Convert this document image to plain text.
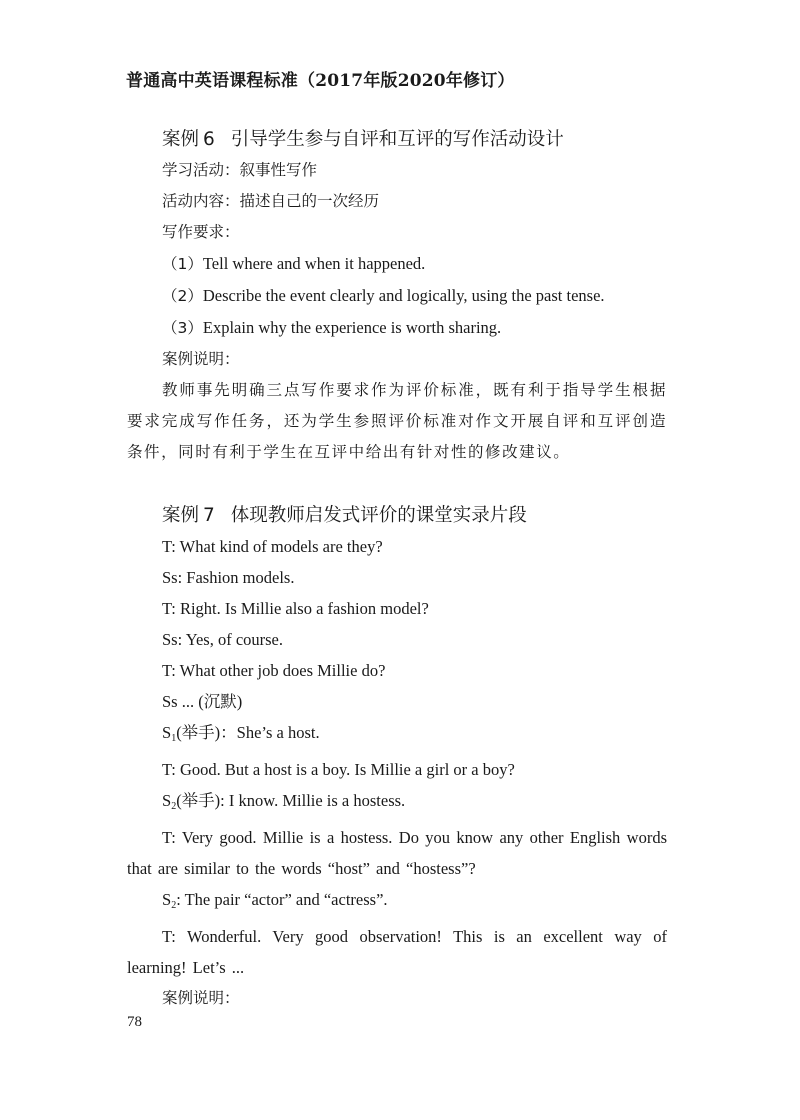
普通高中英语课程标准（2017年版2020年修订）
案例 6 引导学生参与自评和互评的写作活动设计
学习活动：叙事性写作
活动内容：描述自己的一次经历
写作要求：
（1）Tell where and when it happened.
（2）Describe the event clearly and logically, using the past tense.
（3）Explain why the experience is worth sharing.
案例说明：

教师事先明确三点写作要求作为评价标准，既有利于指导学生根据要求完成写作任务，还为学生参照评价标准对作文开展自评和互评创造条件，同时有利于学生在互评中给出有针对性的修改建议。

案例 7 体现教师启发式评价的课堂实录片段
T: What kind of models are they?
Ss: Fashion models.
T: Right. Is Millie also a fashion model?
Ss: Yes, of course.
T: What other job does Millie do?
Ss ... (沉默)
$S_1$(举手)：She’s a host.
T: Good. But a host is a boy. Is Millie a girl or a boy?
$S_2$(举手): I know. Millie is a hostess.

T: Very good. Millie is a hostess. Do you know any other English words that are similar to the words “host” and “hostess”?

$S_2$: The pair “actor” and “actress”.

T: Wonderful. Very good observation! This is an excellent way of learning! Let’s ...

案例说明：
78
